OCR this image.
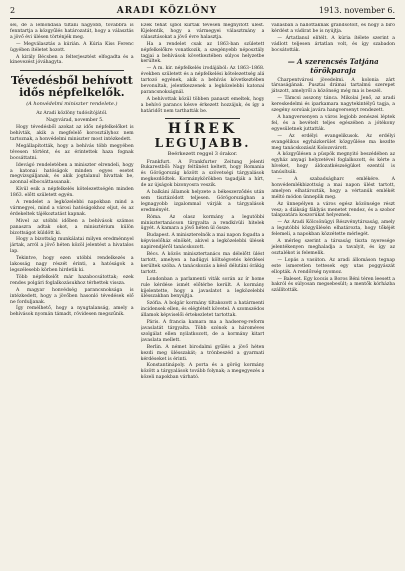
2	ARADI KÖZLÖNY	1913. november 6.

sei, de a lemondása tiltani nagyobb, továbbra is fenntartja a közgyűlés határozatát, hogy a választás a jövő évi ülésen történjék meg.

— Megválasztás a kúrián. A Kúria Kiss Ferenc ügyében ítéletet hozott.

A király Bécsben a felterjesztést elfogadta és a kinevezést jóváhagyta.

Tévedésből behívott idős népfelkelők.
(A honvédelmi miniszter rendelete.)

Az Aradi közlöny tudósítójától.

Nagyvárad, november 5.

Hogy tévedésből azokat az idős népfelkelőket is behívták, akik a megfelelő korosztályhoz nem tartoznak, a honvédelmi miniszter most intézkedett.

Megállapították, hogy a behívás több megyében tévesen történt, és az érintettek haza fognak bocsáttatni.

Idevágó rendeletében a miniszter elrendeli, hogy a katonai hatóságok minden egyes esetet megvizsgáljanak, és akik jogtalanul hívattak be, azonnal elbocsáttassanak.

Kívül esik a népfelkelés kötelezettségén minden 1863. előtt született egyén.

A rendelet a legközelebbi napokban mind a vármegyei, mind a városi hatóságokhoz eljut, és az érdekeltek tájékoztatást kapnak.

Mivel az utóbbi időben a behívások számos panaszra adtak okot, a minisztérium külön bizottságot küldött ki.

Hogy a bizottság munkálatai milyen eredménnyel jártak, arról a jövő héten közöl jelentést a hivatalos lap.

Tekintve, hogy ezen utóbbi rendelkezés a lakosság nagy részét érinti, a hatóságok a legszélesebb körben hirdetik ki.

Több népfelkelőt már hazabocsátottak; ezek rendes polgári foglalkozásukhoz térhettek vissza.

A magyar honvédség parancsnoksága is intézkedett, hogy a jövőben hasonló tévedések elő ne forduljanak.

Így remélhető, hogy a nyugtalanság, amely a behívások nyomán támadt, rövidesen megszűnik.

Ezek tehát ujból kiírták tévesen megnyitott ülést. Kijelentik, hogy a vármegyei választmány a választásokat a jövő évre halasztja.

Ha a rendelet csak az 1863-ban született népfelkelőkre vonatkozik, a szegényebb néposztály tagjai a behívások következtében súlyos helyzetbe kerültek.

— A m. kir. népfelkelés irodájából: Az 1863–1868. években született és a népfelkelési kötelezettség alá tartozó egyének, akik a behívás következtében bevonultak, jelentkezzenek a legközelebbi katonai parancsnokságnál.

A behívottak közül többen panaszt emeltek, hogy a behívó parancs késve érkezett hozzájuk, és így a határidőt nem tarthatták be.

HÍREK
LEGUJABB.
Beérkezett reggel 3 órakor.

Frankfurt. A Frankfurter Zeitung jelenti Bukarestből: Nagy feltűnést keltett, hogy Romania és Görögország között a szövetségi tárgyalások megkezdődtek. Kormánykörökben tagadják a hírt, de az újságok bizonyosra veszik.

A balkáni államok helyzete a békeszerződés után sem tisztázódott teljesen. Görögországban a legnagyobb izgalommal várják a tárgyalások eredményét.

Róma. Az olasz kormány a legutóbbi minisztertanácson tárgyalta a rendkívüli hitelek ügyét. A kamara a jövő héten ül össze.

Budapest. A miniszterelnök a mai napon fogadta a képviselőház elnökét, akivel a legközelebbi ülések napirendjéről tanácskozott.

Bécs. A közös minisztertanács ma délelőtt ülést tartott, amelyen a hadügyi költségvetés kérdései kerültek szóba. A tanácskozás a késő délutáni órákig tartott.

Londonban a parlamenti viták során az ír home rule kérdése ismét előtérbe került. A kormány kijelentette, hogy a javaslatot a legközelebbi ülésszakban benyújtja.

Szófia. A bolgár kormány tiltakozott a határmenti incidensek ellen, és elégtételt követel. A szomszédos államok képviselői értekezletet tartottak.

Páris. A francia kamara ma a hadsereg-reform javaslatát tárgyalta. Több szónok a hároméves szolgálat ellen nyilatkozott, de a kormány kitart javaslata mellett.

Berlin. A német birodalmi gyűlés a jövő héten kezdi meg ülésszakát; a trónbeszéd a gyarmati kérdéseket is érinti.

Konstantinápoly. A porta és a görög kormány között a tárgyalások tovább folynak; a megegyezés a közeli napokban várható.

vallásban a hallottaknak grandsotolt, és hogy a bíró kérdést a vádirat be is nyújtja.

— Ártatlanul elítélt. A kúria ítélete szerint a vádlott teljesen ártatlan volt, és így szabadon bocsátották.

— A szerencsés Tatjána törökparaja

Charpentvárosi jövedelmi. A kolonia zárt társaságának. Pusztai drámai tartalmú szerepet játszott, amelyről a közönség még ma is beszél.

— Támcsi asszony tánca. Mikolai Jenő, az aradi kereskedelmi és iparkamara nagytekintélyű tagja, a szegény sorsúak javára hangversenyt rendezett.

A hangversenyen a város legjobb zenészei léptek fel, és a bevételt teljes egészében a jótékony egyesületnek juttatták.

— Az erdélyi evangelikusok. Az erdélyi evangélikus egyházkerület közgyűlése ma kezdte meg tanácskozását Kolozsvárott.

A közgyűlésen a püspök megnyitó beszédében az egyház anyagi helyzetével foglalkozott, és kérte a híveket, hogy áldozatkészségüket ezentúl is tanúsítsák.

— A szabadságharc emlékére. A honvédemlékbizottság a mai napon ülést tartott, amelyen elhatározták, hogy a vértanúk emlékét méltó módon ünneplik meg.

Az ünnepélyen a város egész közönsége részt vesz; a diákság fáklyás menetet rendez, és a szobor talapzatára koszorúkat helyeznek.

— Az Aradi Kölcsönügyi Részvénytársaság, amely a legutóbbi közgyűlésén elhatározta, hogy tőkéjét felemeli, a napokban közzétette mérlegét.

A mérleg szerint a társaság tiszta nyeresége jelentékenyen meghaladja a tavalyit, és így az osztalékot is felemelik.

— Lopás a vasúton. Az aradi állomáson tegnap este ismeretlen tettesek egy utas poggyászát ellopták. A rendőrség nyomoz.

— Baleset. Egy kocsis a Boros Béni téren leesett a bakról és súlyosan megsebesült; a mentők kórházba szállították.
